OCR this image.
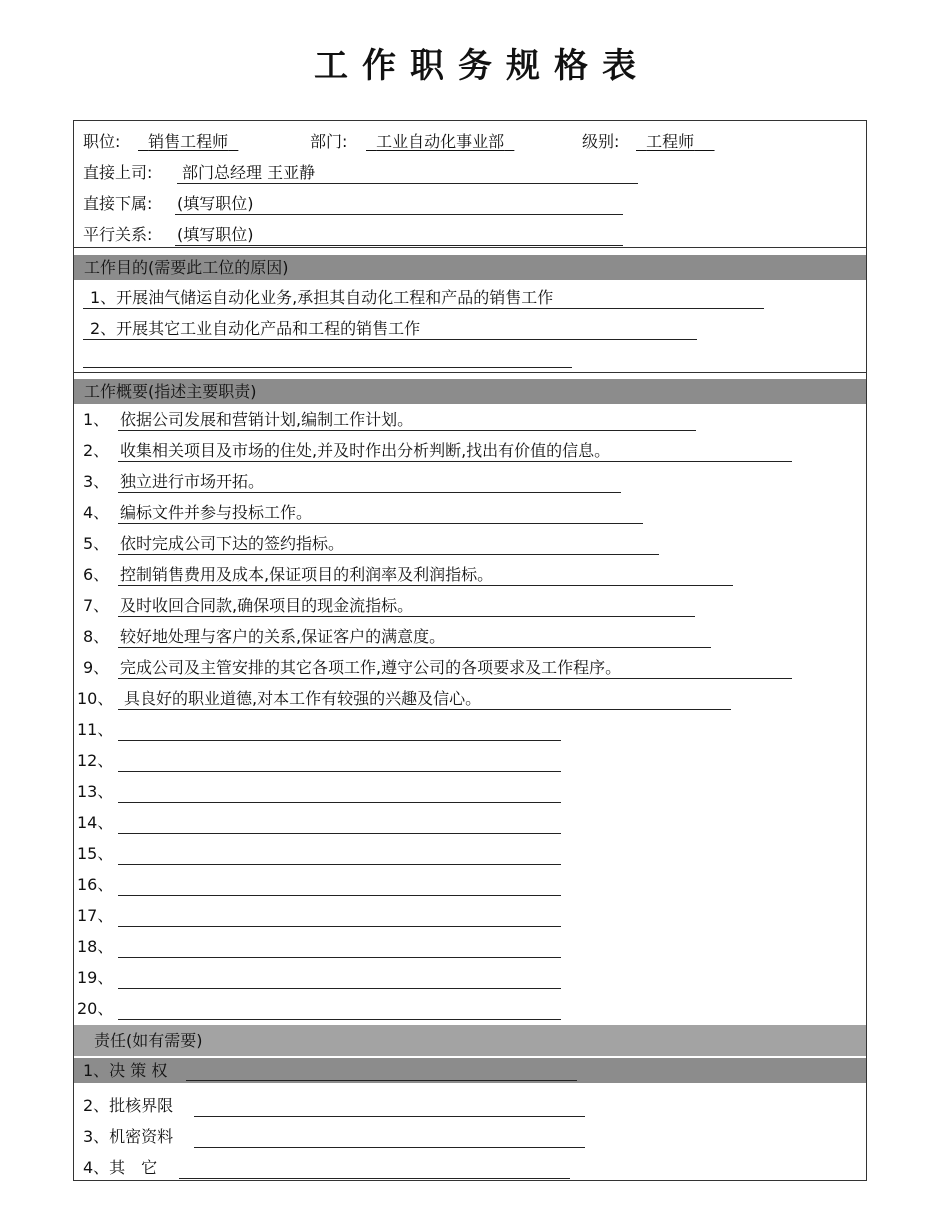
工作职务规格表
职位:	销售工程师	部门:	工业自动化事业部	级别:	工程师
直接上司: 部门总经理 王亚静
直接下属: (填写职位)
平行关系: (填写职位)
工作目的(需要此工位的原因)
1、开展油气储运自动化业务,承担其自动化工程和产品的销售工作
2、开展其它工业自动化产品和工程的销售工作
工作概要(指述主要职责)
1、 依据公司发展和营销计划,编制工作计划。
2、 收集相关项目及市场的住处,并及时作出分析判断,找出有价值的信息。
3、 独立进行市场开拓。
4、 编标文件并参与投标工作。
5、 依时完成公司下达的签约指标。
6、 控制销售费用及成本,保证项目的利润率及利润指标。
7、 及时收回合同款,确保项目的现金流指标。
8、 较好地处理与客户的关系,保证客户的满意度。
9、 完成公司及主管安排的其它各项工作,遵守公司的各项要求及工作程序。
10、 具良好的职业道德,对本工作有较强的兴趣及信心。
11、
12、
13、
14、
15、
16、
17、
18、
19、
20、
责任(如有需要)
1、决 策 权
2、批核界限
3、机密资料
4、其　它
